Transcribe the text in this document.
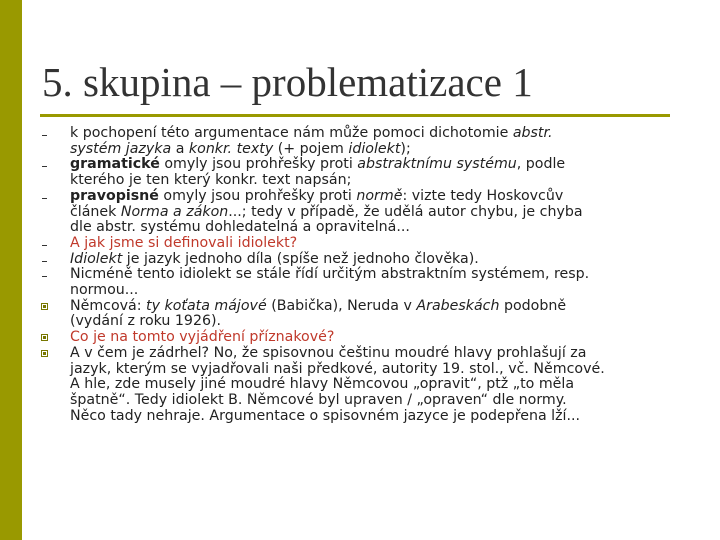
5. skupina – problematizace 1
k pochopení této argumentace nám může pomoci dichotomie abstr.
systém jazyka a konkr. texty (+ pojem idiolekt);
gramatické omyly jsou prohřešky proti abstraktnímu systému, podle
kterého je ten který konkr. text napsán;
pravopisné omyly jsou prohřešky proti normě: vizte tedy Hoskovcův
článek Norma a zákon...; tedy v případě, že udělá autor chybu, je chyba
dle abstr. systému dohledatelná a opravitelná...
A jak jsme si definovali idiolekt?
Idiolekt je jazyk jednoho díla (spíše než jednoho člověka).
Nicméně tento idiolekt se stále řídí určitým abstraktním systémem, resp.
normou...
Němcová: ty koťata májové (Babička), Neruda v Arabeskách podobně
(vydání z roku 1926).
Co je na tomto vyjádření příznakové?
A v čem je zádrhel? No, že spisovnou češtinu moudré hlavy prohlašují za
jazyk, kterým se vyjadřovali naši předkové, autority 19. stol., vč. Němcové.
A hle, zde musely jiné moudré hlavy Němcovou „opravit“, ptž „to měla
špatně“. Tedy idiolekt B. Němcové byl upraven / „opraven“ dle normy.
Něco tady nehraje. Argumentace o spisovném jazyce je podepřena lží...
